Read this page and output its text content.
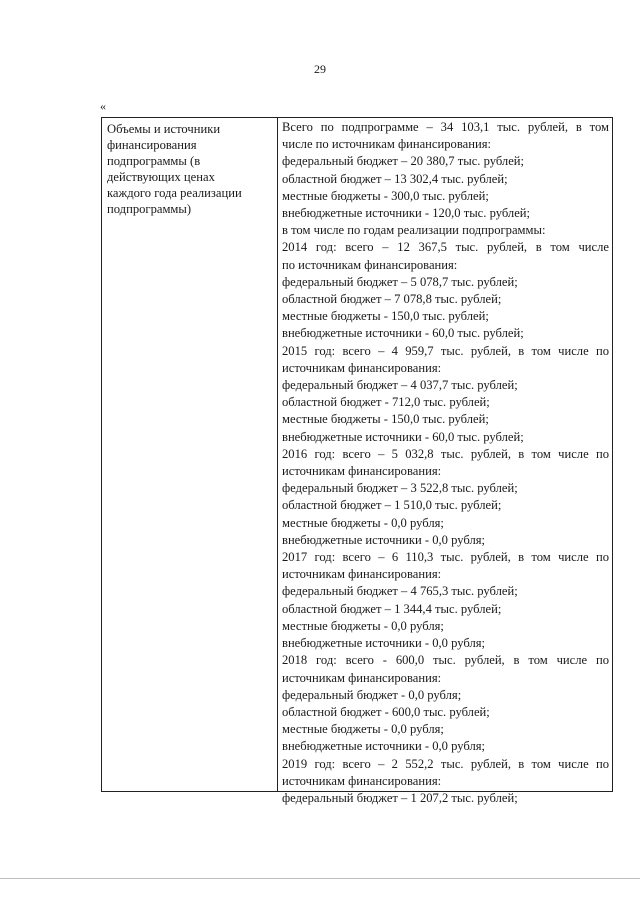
29
«
Объемы и источники
финансирования
подпрограммы (в
действующих ценах
каждого года реализации
подпрограммы)
Всего по подпрограмме – 34 103,1 тыс. рублей, в том
числе по источникам финансирования:
федеральный бюджет – 20 380,7 тыс. рублей;
областной бюджет – 13 302,4 тыс. рублей;
местные бюджеты - 300,0 тыс. рублей;
внебюджетные источники - 120,0 тыс. рублей;
в том числе по годам реализации подпрограммы:
2014 год: всего – 12 367,5 тыс. рублей, в том числе
по источникам финансирования:
федеральный бюджет – 5 078,7 тыс. рублей;
областной бюджет – 7 078,8 тыс. рублей;
местные бюджеты - 150,0 тыс. рублей;
внебюджетные источники - 60,0 тыс. рублей;
2015 год: всего – 4 959,7 тыс. рублей, в том числе по
источникам финансирования:
федеральный бюджет – 4 037,7 тыс. рублей;
областной бюджет - 712,0 тыс. рублей;
местные бюджеты - 150,0 тыс. рублей;
внебюджетные источники - 60,0 тыс. рублей;
2016 год: всего – 5 032,8 тыс. рублей, в том числе по
источникам финансирования:
федеральный бюджет – 3 522,8 тыс. рублей;
областной бюджет – 1 510,0 тыс. рублей;
местные бюджеты - 0,0 рубля;
внебюджетные источники - 0,0 рубля;
2017 год: всего – 6 110,3 тыс. рублей, в том числе по
источникам финансирования:
федеральный бюджет – 4 765,3 тыс. рублей;
областной бюджет – 1 344,4 тыс. рублей;
местные бюджеты - 0,0 рубля;
внебюджетные источники - 0,0 рубля;
2018 год: всего - 600,0 тыс. рублей, в том числе по
источникам финансирования:
федеральный бюджет - 0,0 рубля;
областной бюджет - 600,0 тыс. рублей;
местные бюджеты - 0,0 рубля;
внебюджетные источники - 0,0 рубля;
2019 год: всего – 2 552,2 тыс. рублей, в том числе по
источникам финансирования:
федеральный бюджет – 1 207,2 тыс. рублей;
